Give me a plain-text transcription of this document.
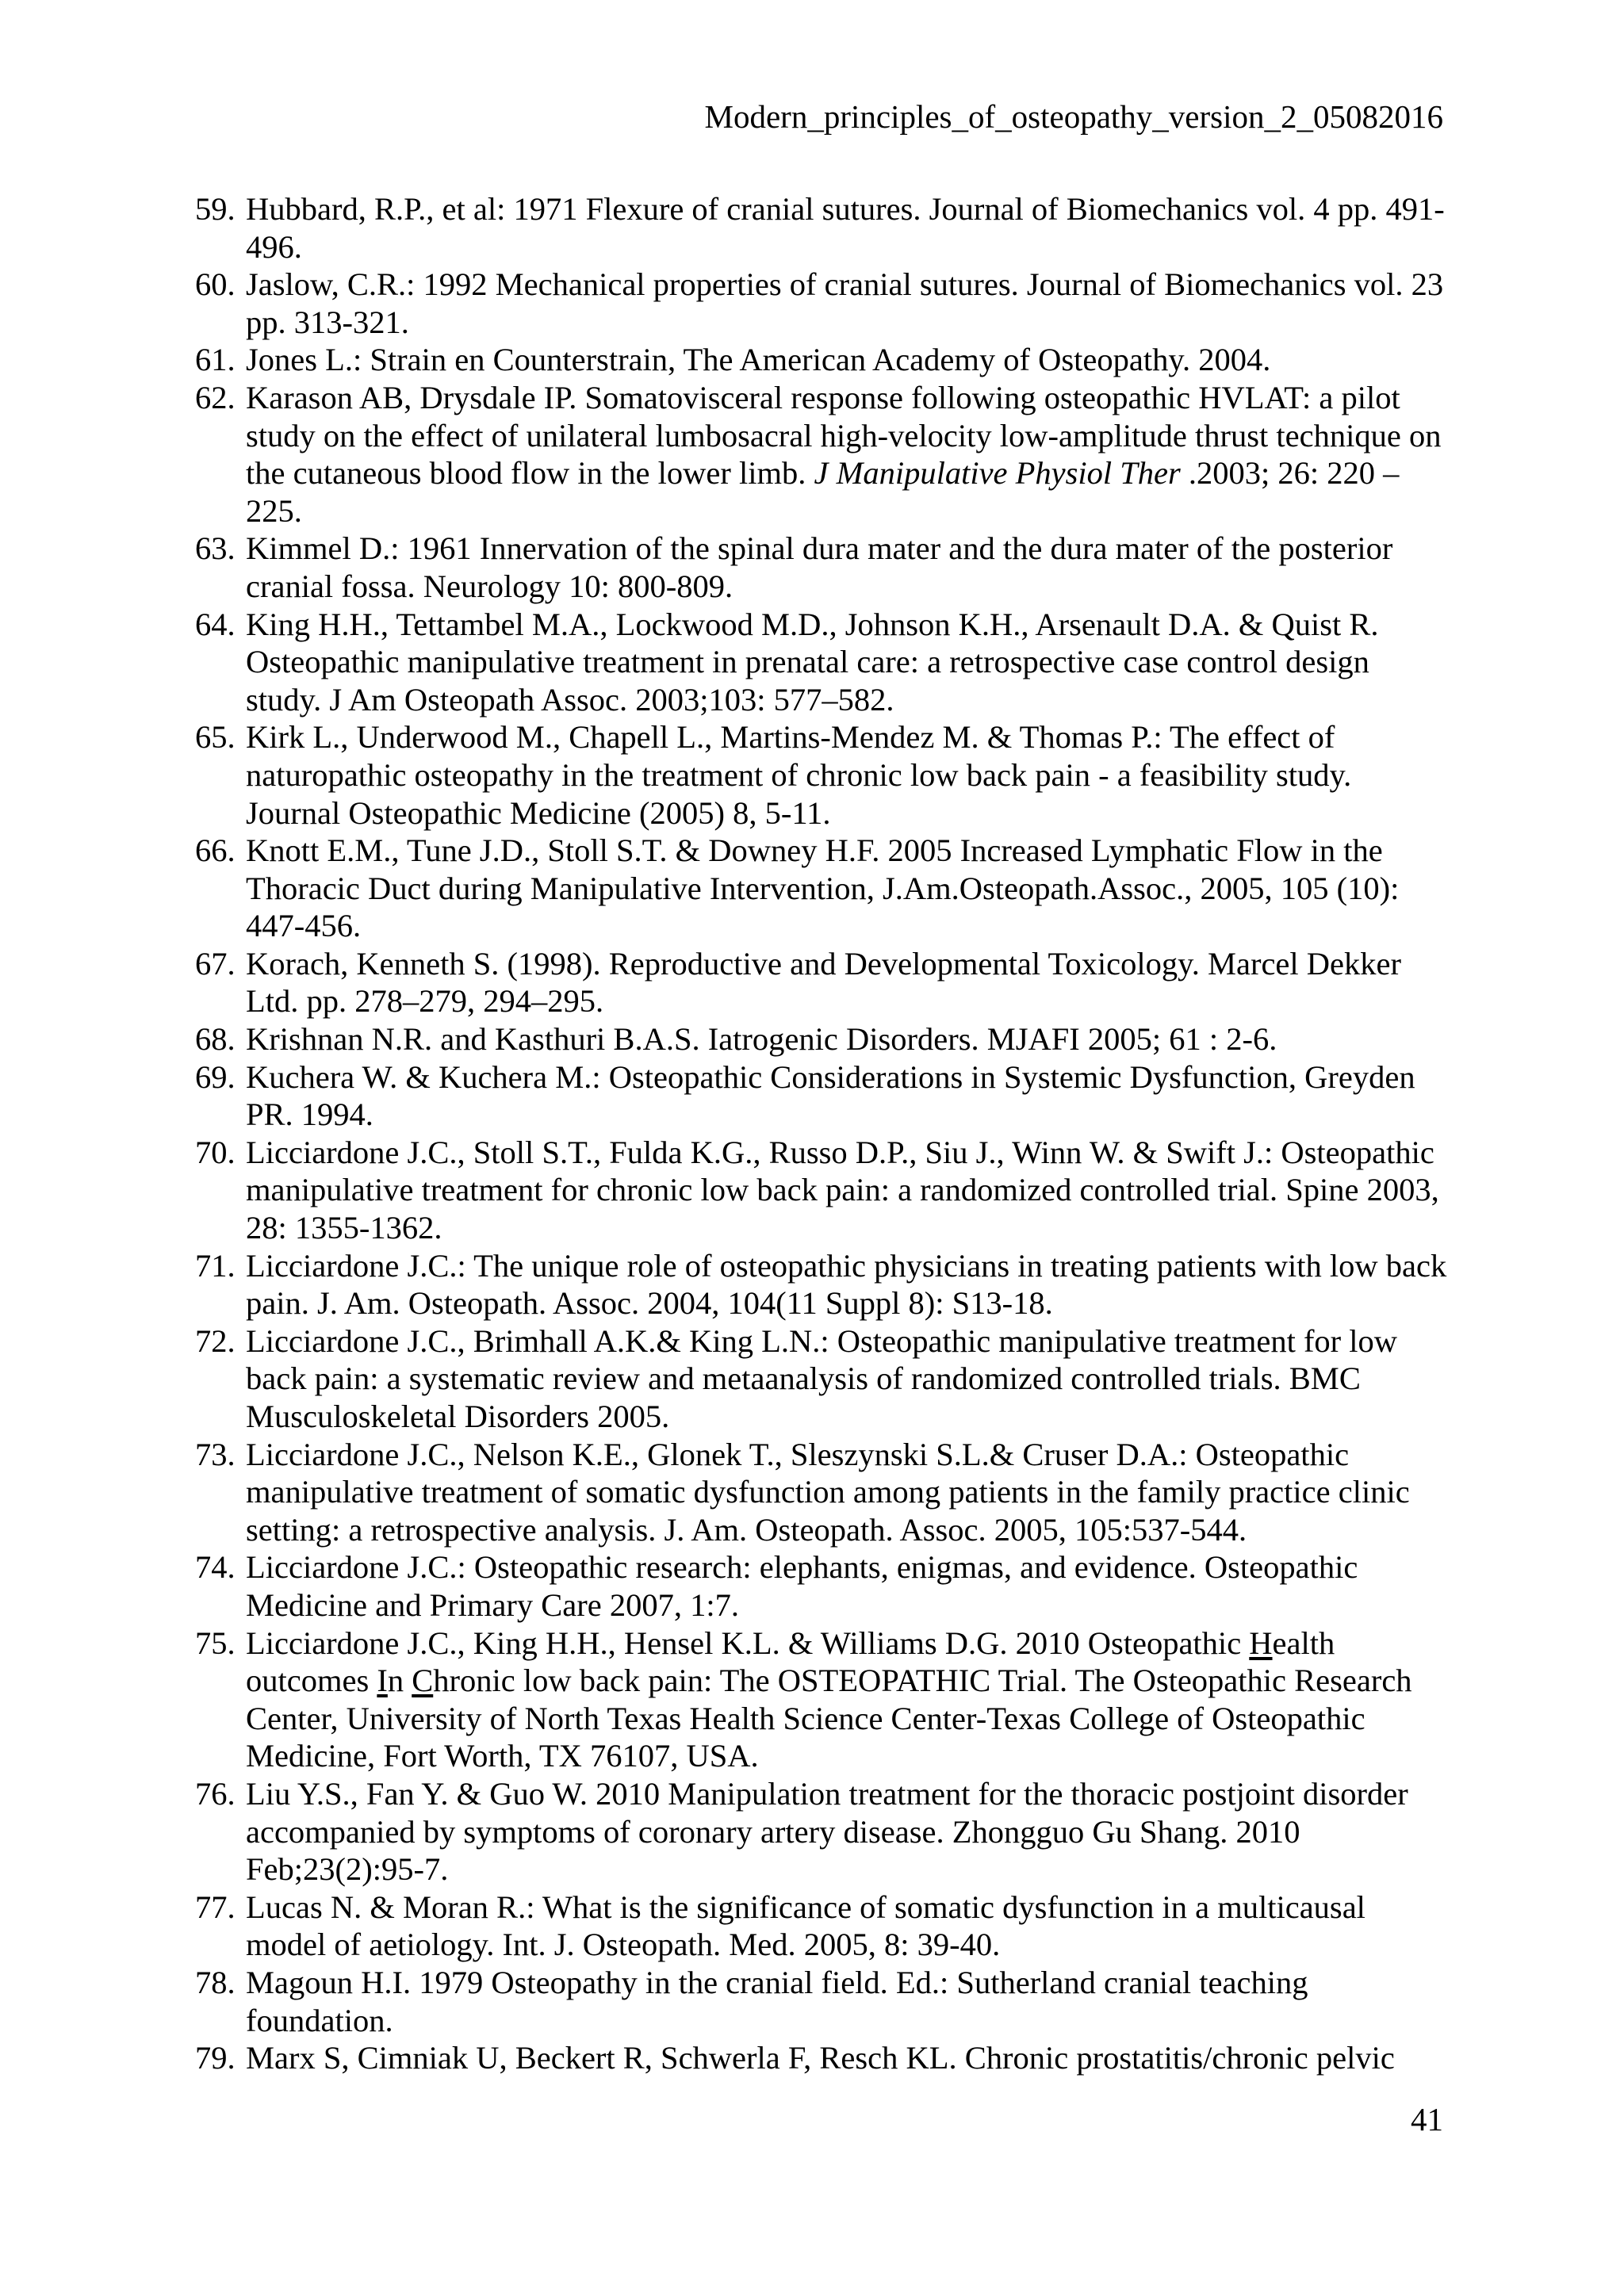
Modern_principles_of_osteopathy_version_2_05082016
59. Hubbard, R.P., et al: 1971 Flexure of cranial sutures. Journal of Biomechanics vol. 4 pp. 491-496.
60. Jaslow, C.R.: 1992 Mechanical properties of cranial sutures. Journal of Biomechanics vol. 23 pp. 313-321.
61. Jones L.: Strain en Counterstrain, The American Academy of Osteopathy. 2004.
62. Karason AB, Drysdale IP. Somatovisceral response following osteopathic HVLAT: a pilot study on the effect of unilateral lumbosacral high-velocity low-amplitude thrust technique on the cutaneous blood flow in the lower limb. J Manipulative Physiol Ther .2003; 26: 220 –225.
63. Kimmel D.: 1961 Innervation of the spinal dura mater and the dura mater of the posterior cranial fossa. Neurology 10: 800-809.
64. King H.H., Tettambel M.A., Lockwood M.D., Johnson K.H., Arsenault D.A. & Quist R. Osteopathic manipulative treatment in prenatal care: a retrospective case control design study. J Am Osteopath Assoc. 2003;103: 577–582.
65. Kirk L., Underwood M., Chapell L., Martins-Mendez M. & Thomas P.: The effect of naturopathic osteopathy in the treatment of chronic low back pain - a feasibility study. Journal Osteopathic Medicine (2005) 8, 5-11.
66. Knott E.M., Tune J.D., Stoll S.T. & Downey H.F. 2005 Increased Lymphatic Flow in the Thoracic Duct during Manipulative Intervention, J.Am.Osteopath.Assoc., 2005, 105 (10): 447-456.
67. Korach, Kenneth S. (1998). Reproductive and Developmental Toxicology. Marcel Dekker Ltd. pp. 278–279, 294–295.
68. Krishnan N.R. and Kasthuri B.A.S. Iatrogenic Disorders. MJAFI 2005; 61 : 2-6.
69. Kuchera W. & Kuchera M.: Osteopathic Considerations in Systemic Dysfunction, Greyden PR. 1994.
70. Licciardone J.C., Stoll S.T., Fulda K.G., Russo D.P., Siu J., Winn W. & Swift J.: Osteopathic manipulative treatment for chronic low back pain: a randomized controlled trial. Spine 2003, 28: 1355-1362.
71. Licciardone J.C.: The unique role of osteopathic physicians in treating patients with low back pain. J. Am. Osteopath. Assoc. 2004, 104(11 Suppl 8): S13-18.
72. Licciardone J.C., Brimhall A.K.& King L.N.: Osteopathic manipulative treatment for low back pain: a systematic review and metaanalysis of randomized controlled trials. BMC Musculoskeletal Disorders 2005.
73. Licciardone J.C., Nelson K.E., Glonek T., Sleszynski S.L.& Cruser D.A.: Osteopathic manipulative treatment of somatic dysfunction among patients in the family practice clinic setting: a retrospective analysis. J. Am. Osteopath. Assoc. 2005, 105:537-544.
74. Licciardone J.C.: Osteopathic research: elephants, enigmas, and evidence. Osteopathic Medicine and Primary Care 2007, 1:7.
75. Licciardone J.C., King H.H., Hensel K.L. & Williams D.G. 2010 Osteopathic Health outcomes In Chronic low back pain: The OSTEOPATHIC Trial. The Osteopathic Research Center, University of North Texas Health Science Center-Texas College of Osteopathic Medicine, Fort Worth, TX 76107, USA.
76. Liu Y.S., Fan Y. & Guo W. 2010 Manipulation treatment for the thoracic postjoint disorder accompanied by symptoms of coronary artery disease. Zhongguo Gu Shang. 2010 Feb;23(2):95-7.
77. Lucas N. & Moran R.: What is the significance of somatic dysfunction in a multicausal model of aetiology. Int. J. Osteopath. Med. 2005, 8: 39-40.
78. Magoun H.I. 1979 Osteopathy in the cranial field. Ed.: Sutherland cranial teaching foundation.
79. Marx S, Cimniak U, Beckert R, Schwerla F, Resch KL. Chronic prostatitis/chronic pelvic
41
